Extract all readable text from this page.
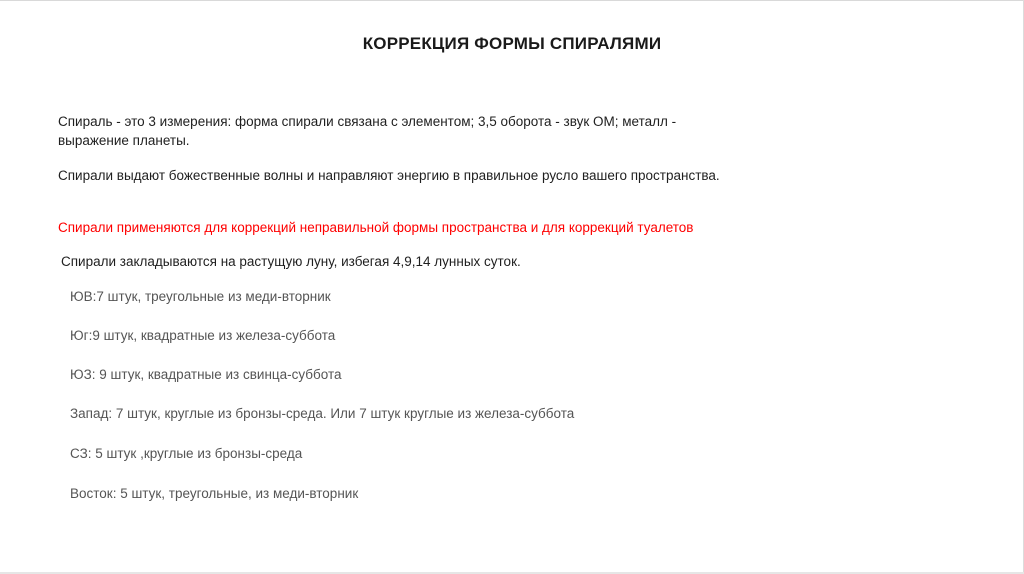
КОРРЕКЦИЯ ФОРМЫ СПИРАЛЯМИ
Спираль - это 3 измерения: форма спирали связана с элементом; 3,5 оборота - звук ОМ; металл - выражение планеты.
Спирали выдают божественные волны и направляют энергию в правильное русло вашего пространства.
Спирали применяются для коррекций неправильной формы пространства и для коррекций туалетов
Спирали закладываются на растущую луну, избегая 4,9,14 лунных суток.
ЮВ:7 штук, треугольные из меди-вторник
Юг:9 штук, квадратные из железа-суббота
ЮЗ: 9 штук, квадратные из свинца-суббота
Запад: 7 штук, круглые из бронзы-среда. Или 7 штук круглые из железа-суббота
СЗ: 5 штук ,круглые из бронзы-среда
Восток: 5 штук, треугольные, из меди-вторник
